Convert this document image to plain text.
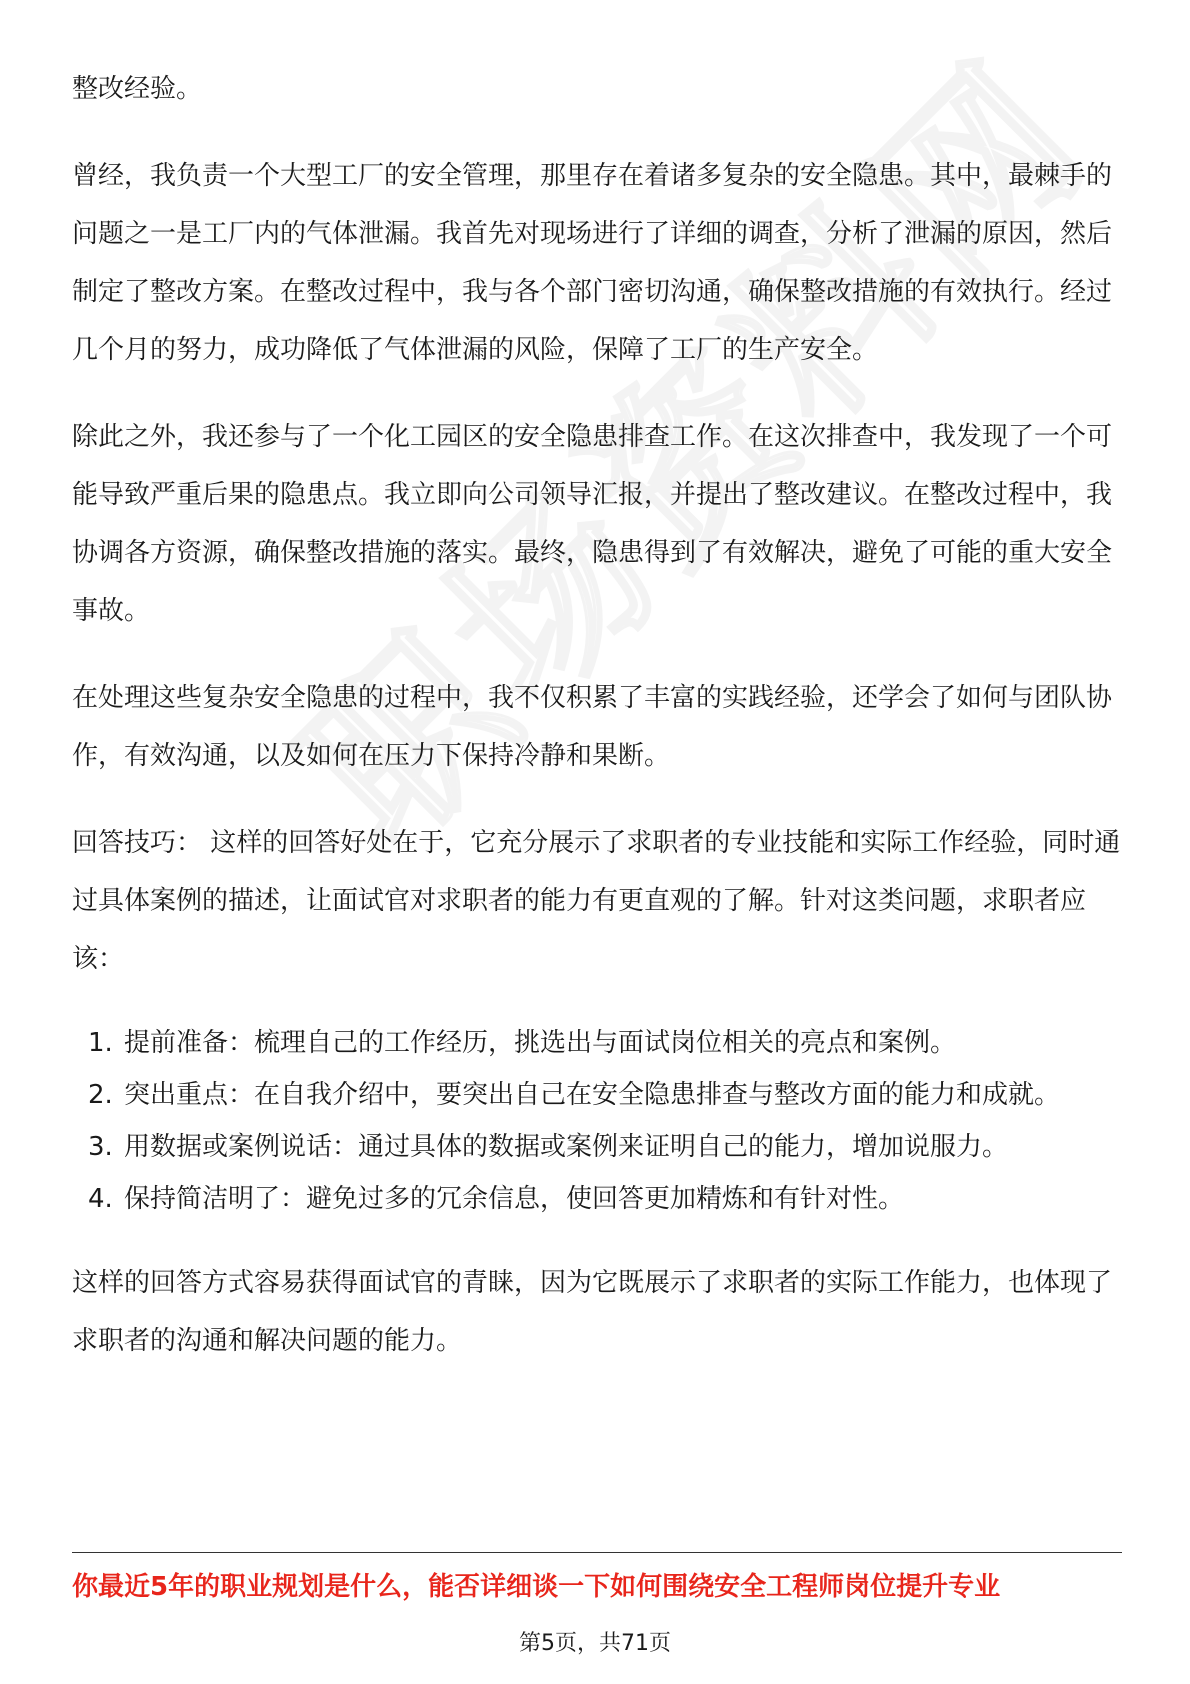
整改经验。

曾经，我负责一个大型工厂的安全管理，那里存在着诸多复杂的安全隐患。其中，最棘手的问题之一是工厂内的气体泄漏。我首先对现场进行了详细的调查，分析了泄漏的原因，然后制定了整改方案。在整改过程中，我与各个部门密切沟通，确保整改措施的有效执行。经过几个月的努力，成功降低了气体泄漏的风险，保障了工厂的生产安全。

除此之外，我还参与了一个化工园区的安全隐患排查工作。在这次排查中，我发现了一个可能导致严重后果的隐患点。我立即向公司领导汇报，并提出了整改建议。在整改过程中，我协调各方资源，确保整改措施的落实。最终，隐患得到了有效解决，避免了可能的重大安全事故。

在处理这些复杂安全隐患的过程中，我不仅积累了丰富的实践经验，还学会了如何与团队协作，有效沟通，以及如何在压力下保持冷静和果断。

回答技巧： 这样的回答好处在于，它充分展示了求职者的专业技能和实际工作经验，同时通过具体案例的描述，让面试官对求职者的能力有更直观的了解。针对这类问题，求职者应该：

1. 提前准备：梳理自己的工作经历，挑选出与面试岗位相关的亮点和案例。
2. 突出重点：在自我介绍中，要突出自己在安全隐患排查与整改方面的能力和成就。
3. 用数据或案例说话：通过具体的数据或案例来证明自己的能力，增加说服力。
4. 保持简洁明了：避免过多的冗余信息，使回答更加精炼和有针对性。

这样的回答方式容易获得面试官的青睐，因为它既展示了求职者的实际工作能力，也体现了求职者的沟通和解决问题的能力。

你最近5年的职业规划是什么，能否详细谈一下如何围绕安全工程师岗位提升专业
第5页，共71页
